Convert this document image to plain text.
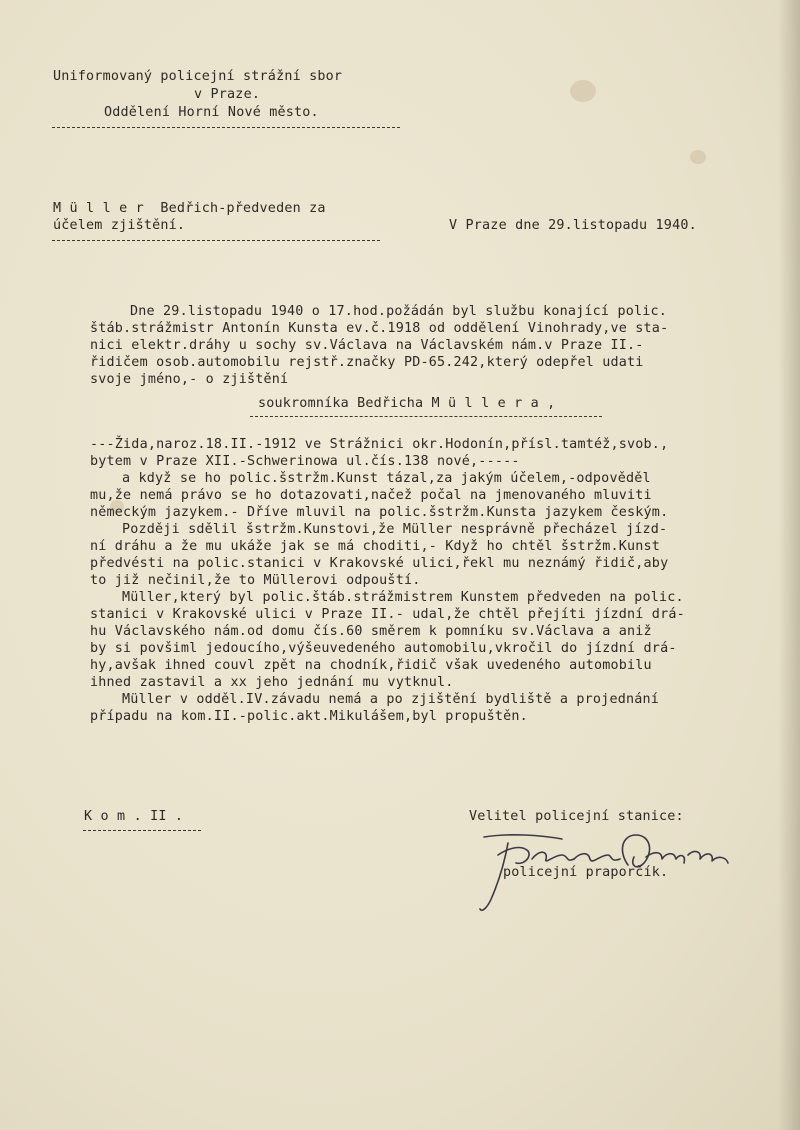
Uniformovaný policejní strážní sbor
v Praze.
Oddělení Horní Nové město.
M ü l l e r  Bedřich-předveden za
účelem zjištění.	V Praze dne 29.listopadu 1940.
Dne 29.listopadu 1940 o 17.hod.požádán byl službu konající polic.
štáb.strážmistr Antonín Kunsta ev.č.1918 od oddělení Vinohrady,ve sta-
nici elektr.dráhy u sochy sv.Václava na Václavském nám.v Praze II.-
řidičem osob.automobilu rejstř.značky PD-65.242,který odepřel udati
svoje jméno,- o zjištění
soukromníka Bedřicha M ü l l e r a ,
---Žida,naroz.18.II.-1912 ve Strážnici okr.Hodonín,přísl.tamtéž,svob.,
bytem v Praze XII.-Schwerinowa ul.čís.138 nové,-----
a když se ho polic.šstržm.Kunst tázal,za jakým účelem,-odpověděl
mu,že nemá právo se ho dotazovati,načež počal na jmenovaného mluviti
německým jazykem.- Dříve mluvil na polic.šstržm.Kunsta jazykem českým.
Později sdělil šstržm.Kunstovi,že Müller nesprávně přecházel jízd-
ní dráhu a že mu ukáže jak se má choditi,- Když ho chtěl šstržm.Kunst
předvésti na polic.stanici v Krakovské ulici,řekl mu neznámý řidič,aby
to již nečinil,že to Müllerovi odpouští.
Müller,který byl polic.štáb.strážmistrem Kunstem předveden na polic.
stanici v Krakovské ulici v Praze II.- udal,že chtěl přejíti jízdní drá-
hu Václavského nám.od domu čís.60 směrem k pomníku sv.Václava a aniž
by si povšiml jedoucího,výšeuvedeného automobilu,vkročil do jízdní drá-
hy,avšak ihned couvl zpět na chodník,řidič však uvedeného automobilu
ihned zastavil a xx jeho jednání mu vytknul.
Müller v odděl.IV.závadu nemá a po zjištění bydliště a projednání
případu na kom.II.-polic.akt.Mikulášem,byl propuštěn.
K o m . II .	Velitel policejní stanice:
policejní praporčík.
